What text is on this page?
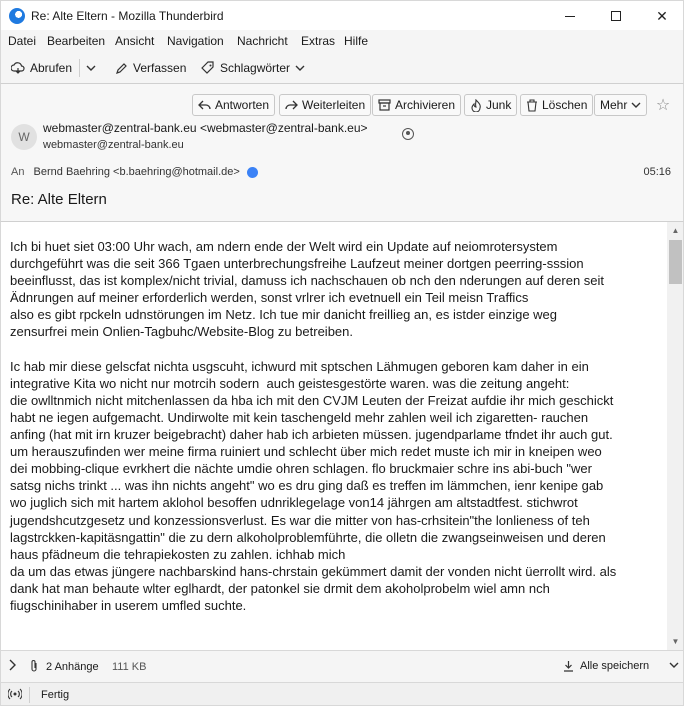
Re: Alte Eltern - Mozilla Thunderbird	✕
Datei Bearbeiten Ansicht Navigation Nachricht Extras Hilfe
Abrufen	Verfassen	Schlagwörter
Antworten	Weiterleiten Archivieren	Junk	Löschen Mehr ☆
W
webmaster@zentral-bank.eu <webmaster@zentral-bank.eu>
webmaster@zentral-bank.eu
An Bernd Baehring <b.baehring@hotmail.de>	05:16
Re: Alte Eltern
Ich bi huet siet 03:00 Uhr wach, am ndern ende der Welt wird ein Update auf neiomrotersystem
durchgeführt was die seit 366 Tgaen unterbrechungsfreihe Laufzeut meiner dortgen peerring-sssion
beeinflusst, das ist komplex/nicht trivial, damuss ich nachschauen ob nch den nderungen auf deren seit
Ädnrungen auf meiner erforderlich werden, sonst vrlrer ich evetnuell ein Teil meisn Traffics
also es gibt rpckeln udnstörungen im Netz. Ich tue mir danicht freillieg an, es istder einzige weg
zensurfrei mein Onlien-Tagbuhc/Website-Blog zu betreiben.

Ic hab mir diese gelscfat nichta usgscuht, ichwurd mit sptschen Lähmugen geboren kam daher in ein
integrative Kita wo nicht nur motrcih sodern  auch geistesgestörte waren. was die zeitung angeht:
die owlltnmich nicht mitchenlassen da hba ich mit den CVJM Leuten der Freizat aufdie ihr mich geschickt
habt ne iegen aufgemacht. Undirwolte mit kein taschengeld mehr zahlen weil ich zigaretten- rauchen
anfing (hat mit irn kruzer beigebracht) daher hab ich arbieten müssen. jugendparlame tfndet ihr auch gut.
um herauszufinden wer meine firma ruiniert und schlecht über mich redet muste ich mir in kneipen weo
dei mobbing-clique evrkhert die nächte umdie ohren schlagen. flo bruckmaier schre ins abi-buch "wer
satsg nichs trinkt ... was ihn nichts angeht" wo es dru ging daß es treffen im lämmchen, ienr kenipe gab
wo juglich sich mit hartem aklohol besoffen udnriklegelage von14 jährgen am altstadtfest. stichwrot
jugendshcutzgesetz und konzessionsverlust. Es war die mitter von has-crhsitein"the lonlieness of teh
lagstrckken-kapitäsngattin" die zu dern alkoholproblemführte, die olletn die zwangseinweisen und deren
haus pfädneum die tehrapiekosten zu zahlen. ichhab mich
da um das etwas jüngere nachbarskind hans-chrstain gekümmert damit der vonden nicht üerrollt wird. als
dank hat man behaute wlter eglhardt, der patonkel sie drmit dem akoholprobelm wiel amn nch
fiugschinihaber in userem umfled suchte.
▲
▼
2 Anhänge 111 KB	Alle speichern
Fertig
